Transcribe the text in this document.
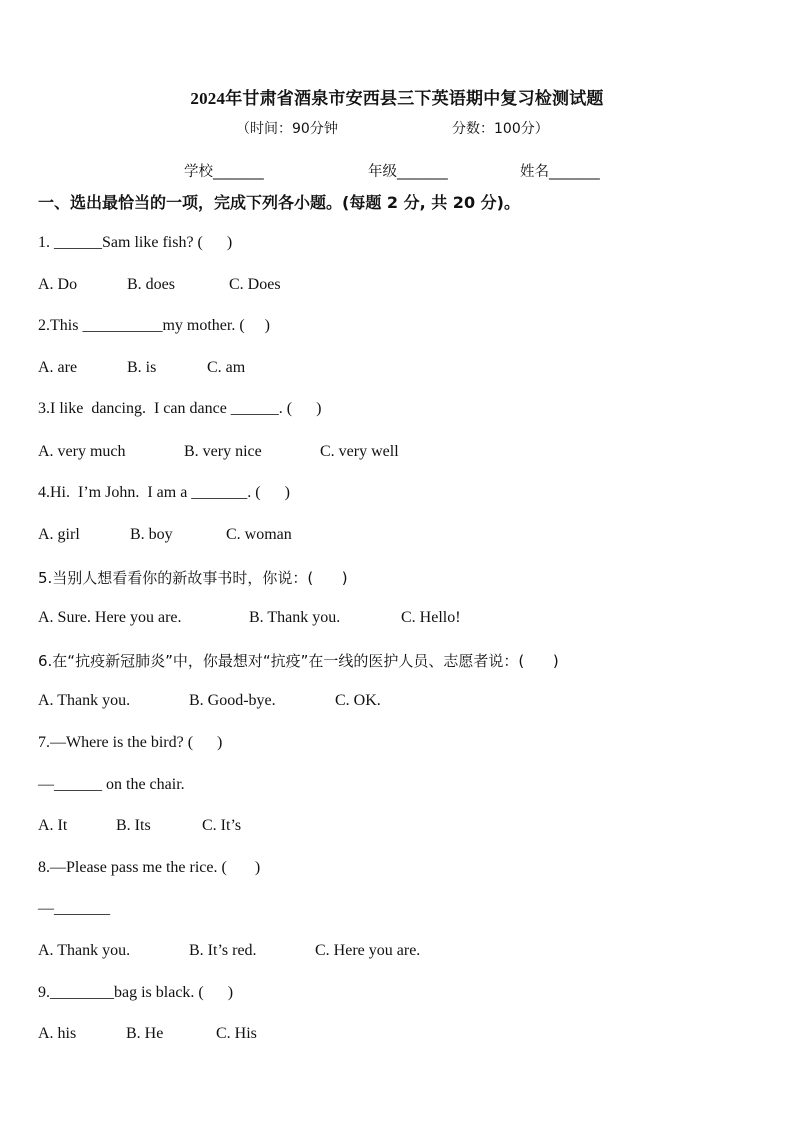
2024年甘肃省酒泉市安西县三下英语期中复习检测试题
（时间：90分钟	分数：100分）
学校_______	年级_______	姓名_______
一、选出最恰当的一项，完成下列各小题。(每题 2 分, 共 20 分)。
1. ______Sam like fish? (      )
A. Do	B. does	C. Does
2.This __________my mother. (     )
A. are	B. is	C. am
3.I like  dancing.  I can dance ______. (      )
A. very much	B. very nice	C. very well
4.Hi.  I’m John.  I am a _______. (      )
A. girl	B. boy	C. woman
5.当别人想看看你的新故事书时，你说：(      )
A. Sure. Here you are.	B. Thank you.	C. Hello!
6.在“抗疫新冠肺炎”中，你最想对“抗疫”在一线的医护人员、志愿者说：(      )
A. Thank you.	B. Good-bye.	C. OK.
7.—Where is the bird? (      )
—______ on the chair.
A. It	B. Its	C. It’s
8.—Please pass me the rice. (       )
—_______
A. Thank you.	B. It’s red.	C. Here you are.
9.________bag is black. (      )
A. his	B. He	C. His
